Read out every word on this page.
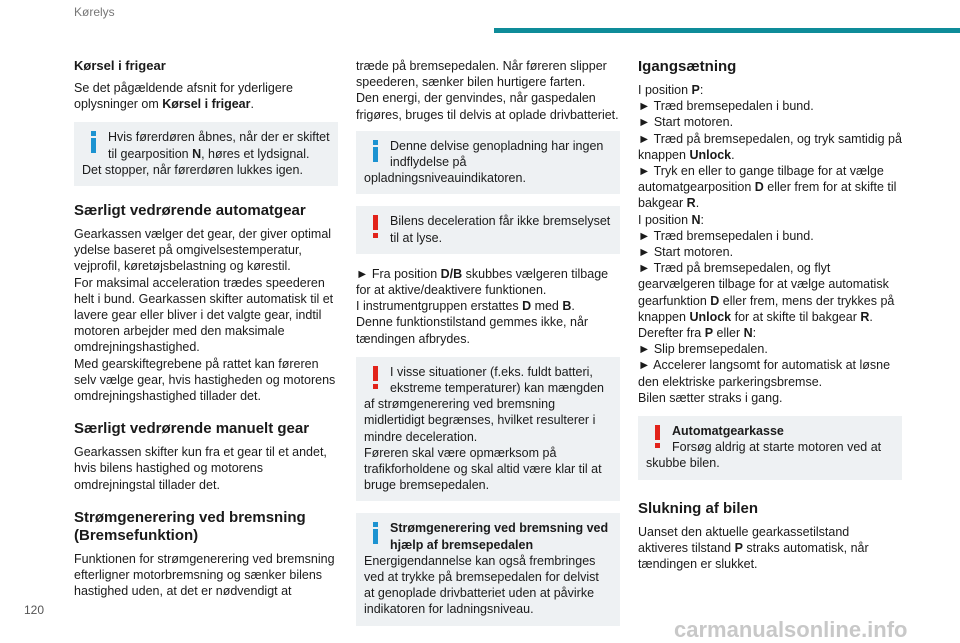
Kørelys
Kørsel i frigear

Se det pågældende afsnit for yderligere oplysninger om Kørsel i frigear.

Hvis førerdøren åbnes, når der er skiftet til gearposition N, høres et lydsignal. Det stopper, når førerdøren lukkes igen.
Særligt vedrørende automatgear

Gearkassen vælger det gear, der giver optimal ydelse baseret på omgivelsestemperatur, vejprofil, køretøjsbelastning og kørestil.
For maksimal acceleration trædes speederen helt i bund. Gearkassen skifter automatisk til et lavere gear eller bliver i det valgte gear, indtil motoren arbejder med den maksimale omdrejningshastighed.
Med gearskiftegrebene på rattet kan føreren selv vælge gear, hvis hastigheden og motorens omdrejningshastighed tillader det.

Særligt vedrørende manuelt gear

Gearkassen skifter kun fra et gear til et andet, hvis bilens hastighed og motorens omdrejningstal tillader det.

Strømgenerering ved bremsning (Bremsefunktion)

Funktionen for strømgenerering ved bremsning efterligner motorbremsning og sænker bilens hastighed uden, at det er nødvendigt at

træde på bremsepedalen. Når føreren slipper speederen, sænker bilen hurtigere farten.
Den energi, der genvindes, når gaspedalen frigøres, bruges til delvis at oplade drivbatteriet.

Denne delvise genopladning har ingen indflydelse på opladningsniveauindikatoren.
Bilens deceleration får ikke bremselyset til at lyse.

► Fra position D/B skubbes vælgeren tilbage for at aktive/deaktivere funktionen.
I instrumentgruppen erstattes D med B.
Denne funktionstilstand gemmes ikke, når tændingen afbrydes.

I visse situationer (f.eks. fuldt batteri, ekstreme temperaturer) kan mængden af strømgenerering ved bremsning midlertidigt begrænses, hvilket resulterer i mindre deceleration.
Føreren skal være opmærksom på trafikforholdene og skal altid være klar til at bruge bremsepedalen.
Strømgenerering ved bremsning ved hjælp af bremsepedalen
Energigendannelse kan også frembringes ved at trykke på bremsepedalen for delvist at genoplade drivbatteriet uden at påvirke indikatoren for ladningsniveau.
Igangsætning

I position P:
► Træd bremsepedalen i bund.
► Start motoren.
► Træd på bremsepedalen, og tryk samtidig på knappen Unlock.
► Tryk en eller to gange tilbage for at vælge automatgearposition D eller frem for at skifte til bakgear R.
I position N:
► Træd bremsepedalen i bund.
► Start motoren.
► Træd på bremsepedalen, og flyt gearvælgeren tilbage for at vælge automatisk gearfunktion D eller frem, mens der trykkes på knappen Unlock for at skifte til bakgear R.
Derefter fra P eller N:
► Slip bremsepedalen.
► Accelerer langsomt for automatisk at løsne den elektriske parkeringsbremse.
Bilen sætter straks i gang.

Automatgearkasse
Forsøg aldrig at starte motoren ved at skubbe bilen.
Slukning af bilen

Uanset den aktuelle gearkassetilstand aktiveres tilstand P straks automatisk, når tændingen er slukket.

120
carmanualsonline.info
